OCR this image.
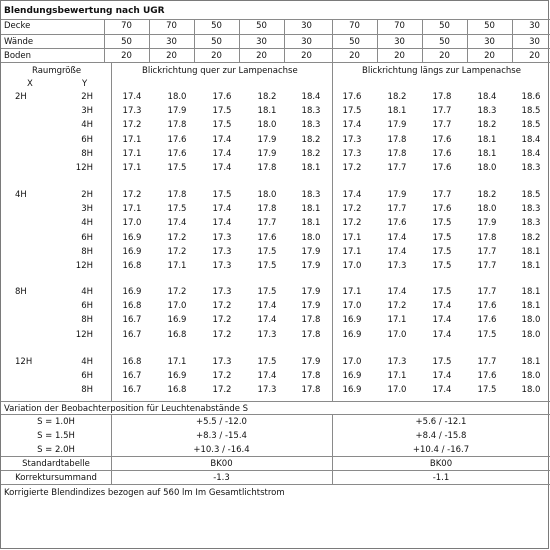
Blendungsbewertung nach UGR
Decke	70	70	50	50	30	70	70	50	50	30
Wände	50	30	50	30	30	50	30	50	30	30
Boden	20	20	20	20	20	20	20	20	20	20
Raumgröße
X	Y
Blickrichtung quer zur Lampenachse	Blickrichtung längs zur Lampenachse
2H	2H	17.4	18.0	17.6	18.2	18.4	17.6	18.2	17.8	18.4	18.6
3H	17.3	17.9	17.5	18.1	18.3	17.5	18.1	17.7	18.3	18.5
4H	17.2	17.8	17.5	18.0	18.3	17.4	17.9	17.7	18.2	18.5
6H	17.1	17.6	17.4	17.9	18.2	17.3	17.8	17.6	18.1	18.4
8H	17.1	17.6	17.4	17.9	18.2	17.3	17.8	17.6	18.1	18.4
12H	17.1	17.5	17.4	17.8	18.1	17.2	17.7	17.6	18.0	18.3
4H	2H	17.2	17.8	17.5	18.0	18.3	17.4	17.9	17.7	18.2	18.5
3H	17.1	17.5	17.4	17.8	18.1	17.2	17.7	17.6	18.0	18.3
4H	17.0	17.4	17.4	17.7	18.1	17.2	17.6	17.5	17.9	18.3
6H	16.9	17.2	17.3	17.6	18.0	17.1	17.4	17.5	17.8	18.2
8H	16.9	17.2	17.3	17.5	17.9	17.1	17.4	17.5	17.7	18.1
12H	16.8	17.1	17.3	17.5	17.9	17.0	17.3	17.5	17.7	18.1
8H	4H	16.9	17.2	17.3	17.5	17.9	17.1	17.4	17.5	17.7	18.1
6H	16.8	17.0	17.2	17.4	17.9	17.0	17.2	17.4	17.6	18.1
8H	16.7	16.9	17.2	17.4	17.8	16.9	17.1	17.4	17.6	18.0
12H	16.7	16.8	17.2	17.3	17.8	16.9	17.0	17.4	17.5	18.0
12H	4H	16.8	17.1	17.3	17.5	17.9	17.0	17.3	17.5	17.7	18.1
6H	16.7	16.9	17.2	17.4	17.8	16.9	17.1	17.4	17.6	18.0
8H	16.7	16.8	17.2	17.3	17.8	16.9	17.0	17.4	17.5	18.0
Variation der Beobachterposition für Leuchtenabstände S
S = 1.0H	+5.5 / -12.0	+5.6 / -12.1
S = 1.5H	+8.3 / -15.4	+8.4 / -15.8
S = 2.0H	+10.3 / -16.4	+10.4 / -16.7
Standardtabelle	BK00	BK00
Korrektursummand	-1.3	-1.1
Korrigierte Blendindizes bezogen auf 560 lm Im Gesamtlichtstrom
